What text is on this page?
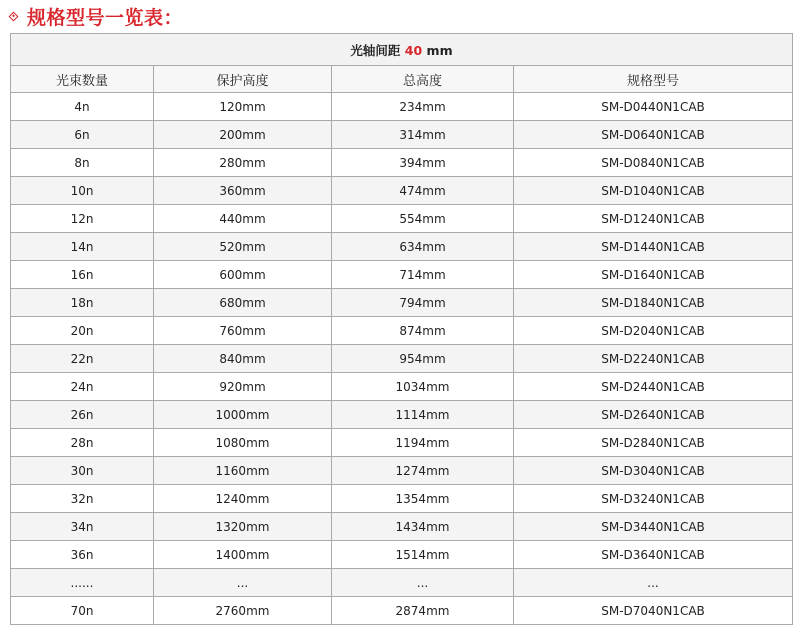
规格型号一览表：
光轴间距 40 mm			
光束数量	保护高度	总高度	规格型号
4n	120mm	234mm	SM-D0440N1CAB
6n	200mm	314mm	SM-D0640N1CAB
8n	280mm	394mm	SM-D0840N1CAB
10n	360mm	474mm	SM-D1040N1CAB
12n	440mm	554mm	SM-D1240N1CAB
14n	520mm	634mm	SM-D1440N1CAB
16n	600mm	714mm	SM-D1640N1CAB
18n	680mm	794mm	SM-D1840N1CAB
20n	760mm	874mm	SM-D2040N1CAB
22n	840mm	954mm	SM-D2240N1CAB
24n	920mm	1034mm	SM-D2440N1CAB
26n	1000mm	1114mm	SM-D2640N1CAB
28n	1080mm	1194mm	SM-D2840N1CAB
30n	1160mm	1274mm	SM-D3040N1CAB
32n	1240mm	1354mm	SM-D3240N1CAB
34n	1320mm	1434mm	SM-D3440N1CAB
36n	1400mm	1514mm	SM-D3640N1CAB
......	...	...	...
70n	2760mm	2874mm	SM-D7040N1CAB
